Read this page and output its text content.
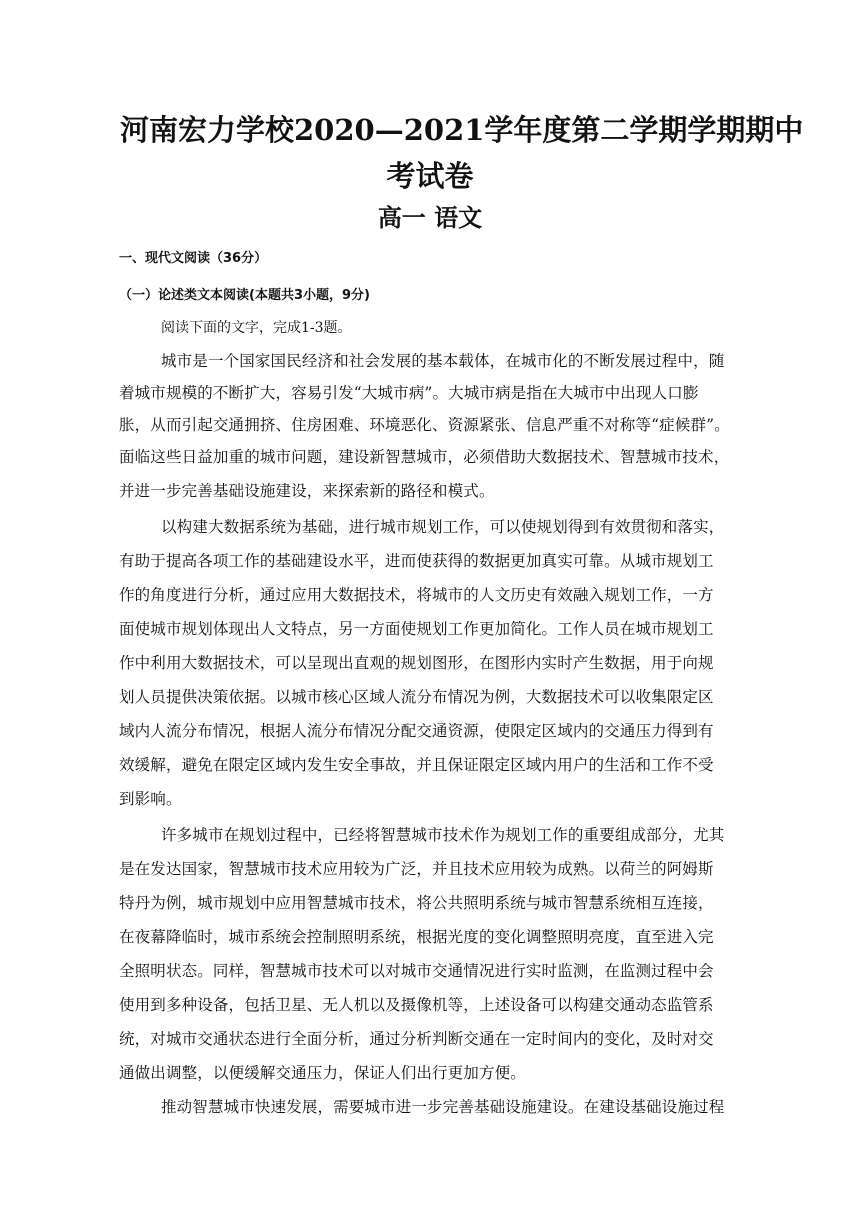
河南宏力学校2020—2021学年度第二学期学期期中
考试卷
高一 语文
一、现代文阅读（36分）
（一）论述类文本阅读(本题共3小题，9分)
阅读下面的文字，完成1-3题。
城市是一个国家国民经济和社会发展的基本载体，在城市化的不断发展过程中，随
着城市规模的不断扩大，容易引发“大城市病”。大城市病是指在大城市中出现人口膨
胀，从而引起交通拥挤、住房困难、环境恶化、资源紧张、信息严重不对称等“症候群”。
面临这些日益加重的城市问题，建设新智慧城市，必须借助大数据技术、智慧城市技术，
并进一步完善基础设施建设，来探索新的路径和模式。
以构建大数据系统为基础，进行城市规划工作，可以使规划得到有效贯彻和落实，
有助于提高各项工作的基础建设水平，进而使获得的数据更加真实可靠。从城市规划工
作的角度进行分析，通过应用大数据技术，将城市的人文历史有效融入规划工作，一方
面使城市规划体现出人文特点，另一方面使规划工作更加简化。工作人员在城市规划工
作中利用大数据技术，可以呈现出直观的规划图形，在图形内实时产生数据，用于向规
划人员提供决策依据。以城市核心区域人流分布情况为例，大数据技术可以收集限定区
域内人流分布情况，根据人流分布情况分配交通资源，使限定区域内的交通压力得到有
效缓解，避免在限定区域内发生安全事故，并且保证限定区域内用户的生活和工作不受
到影响。
许多城市在规划过程中，已经将智慧城市技术作为规划工作的重要组成部分，尤其
是在发达国家，智慧城市技术应用较为广泛，并且技术应用较为成熟。以荷兰的阿姆斯
特丹为例，城市规划中应用智慧城市技术，将公共照明系统与城市智慧系统相互连接，
在夜幕降临时，城市系统会控制照明系统，根据光度的变化调整照明亮度，直至进入完
全照明状态。同样，智慧城市技术可以对城市交通情况进行实时监测，在监测过程中会
使用到多种设备，包括卫星、无人机以及摄像机等，上述设备可以构建交通动态监管系
统，对城市交通状态进行全面分析，通过分析判断交通在一定时间内的变化，及时对交
通做出调整，以便缓解交通压力，保证人们出行更加方便。
推动智慧城市快速发展，需要城市进一步完善基础设施建设。在建设基础设施过程
